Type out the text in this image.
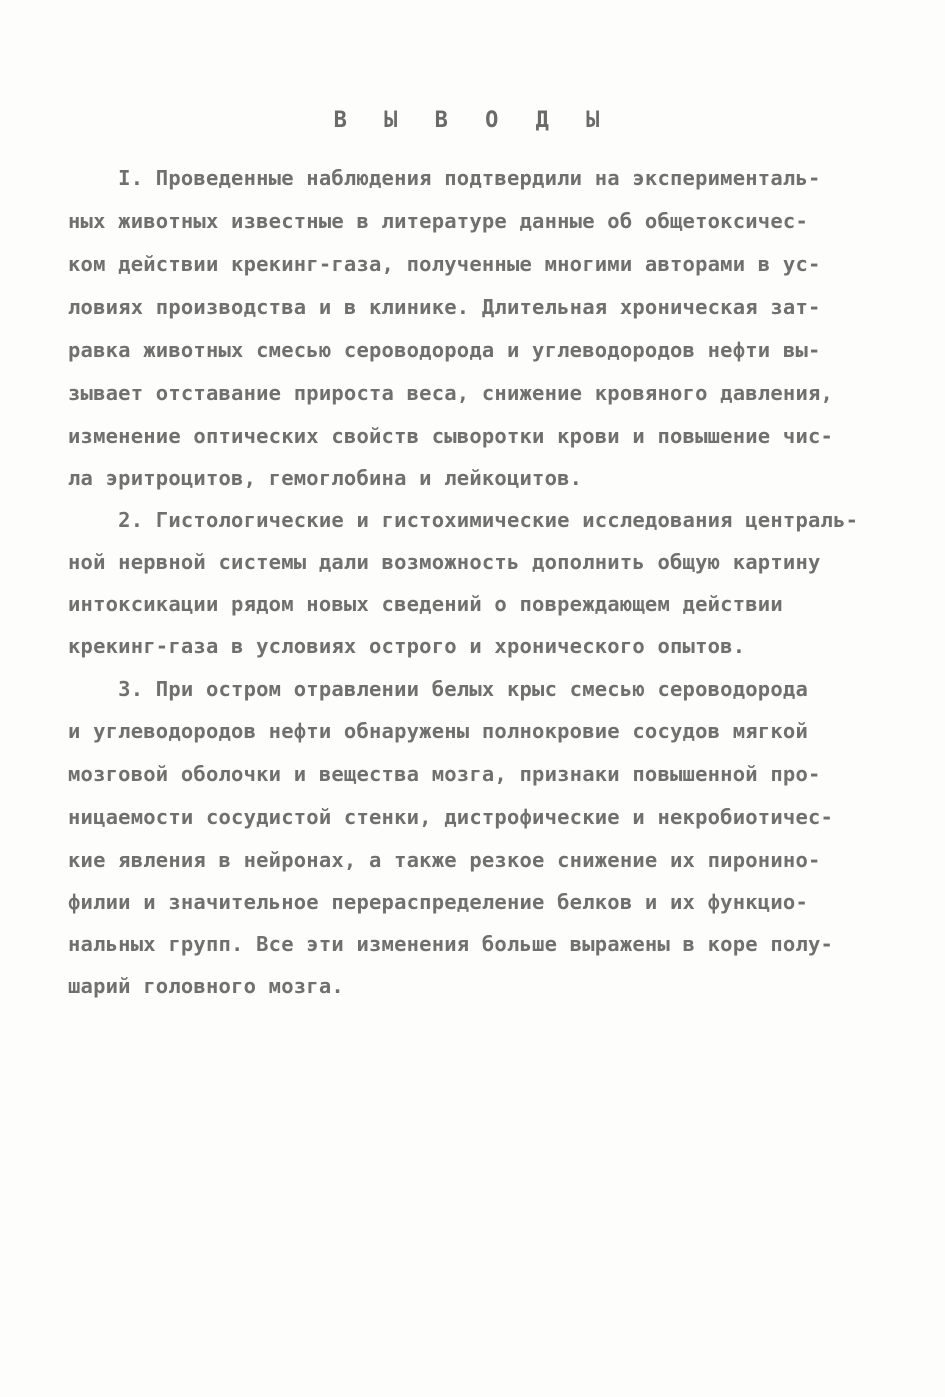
В Ы В О Д Ы
I. Проведенные наблюдения подтвердили на эксперименталь-
ных животных известные в литературе данные об общетоксичес-
ком действии крекинг-газа, полученные многими авторами в ус-
ловиях производства и в клинике. Длительная хроническая зат-
равка животных смесью сероводорода и углеводородов нефти вы-
зывает отставание прироста веса, снижение кровяного давления,
изменение оптических свойств сыворотки крови и повышение чис-
ла эритроцитов, гемоглобина и лейкоцитов.
2. Гистологические и гистохимические исследования централь-
ной нервной системы дали возможность дополнить общую картину
интоксикации рядом новых сведений о повреждающем действии
крекинг-газа в условиях острого и хронического опытов.
3. При остром отравлении белых крыс смесью сероводорода
и углеводородов нефти обнаружены полнокровие сосудов мягкой
мозговой оболочки и вещества мозга, признаки повышенной про-
ницаемости сосудистой стенки, дистрофические и некробиотичес-
кие явления в нейронах, а также резкое снижение их пиронино-
филии и значительное перераспределение белков и их функцио-
нальных групп. Все эти изменения больше выражены в коре полу-
шарий головного мозга.
